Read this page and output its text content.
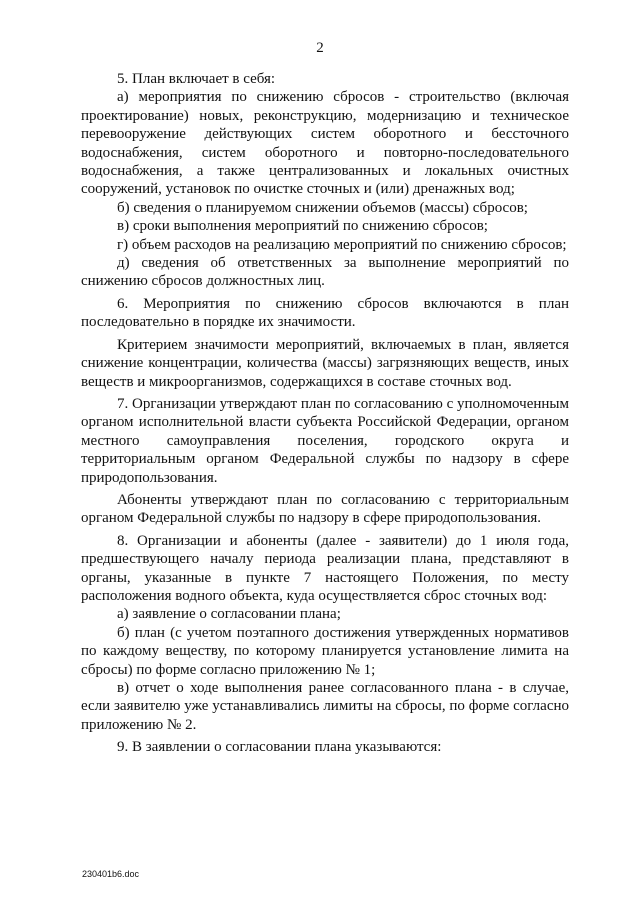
2

5. План включает в себя:

а) мероприятия по снижению сбросов - строительство (включая проектирование) новых, реконструкцию, модернизацию и техническое перевооружение действующих систем оборотного и бессточного водоснабжения, систем оборотного и повторно-последовательного водоснабжения, а также централизованных и локальных очистных сооружений, установок по очистке сточных и (или) дренажных вод;

б) сведения о планируемом снижении объемов (массы) сбросов;

в) сроки выполнения мероприятий по снижению сбросов;

г) объем расходов на реализацию мероприятий по снижению сбросов;

д) сведения об ответственных за выполнение мероприятий по снижению сбросов должностных лиц.

6. Мероприятия по снижению сбросов включаются в план последовательно в порядке их значимости.

Критерием значимости мероприятий, включаемых в план, является снижение концентрации, количества (массы) загрязняющих веществ, иных веществ и микроорганизмов, содержащихся в составе сточных вод.

7. Организации утверждают план по согласованию с уполномоченным органом исполнительной власти субъекта Российской Федерации, органом местного самоуправления поселения, городского округа и территориальным органом Федеральной службы по надзору в сфере природопользования.

Абоненты утверждают план по согласованию с территориальным органом Федеральной службы по надзору в сфере природопользования.

8. Организации и абоненты (далее - заявители) до 1 июля года, предшествующего началу периода реализации плана, представляют в органы, указанные в пункте 7 настоящего Положения, по месту расположения водного объекта, куда осуществляется сброс сточных вод:

а) заявление о согласовании плана;

б) план (с учетом поэтапного достижения утвержденных нормативов по каждому веществу, по которому планируется установление лимита на сбросы) по форме согласно приложению № 1;

в) отчет о ходе выполнения ранее согласованного плана - в случае, если заявителю уже устанавливались лимиты на сбросы, по форме согласно приложению № 2.

9. В заявлении о согласовании плана указываются:

230401b6.doc
